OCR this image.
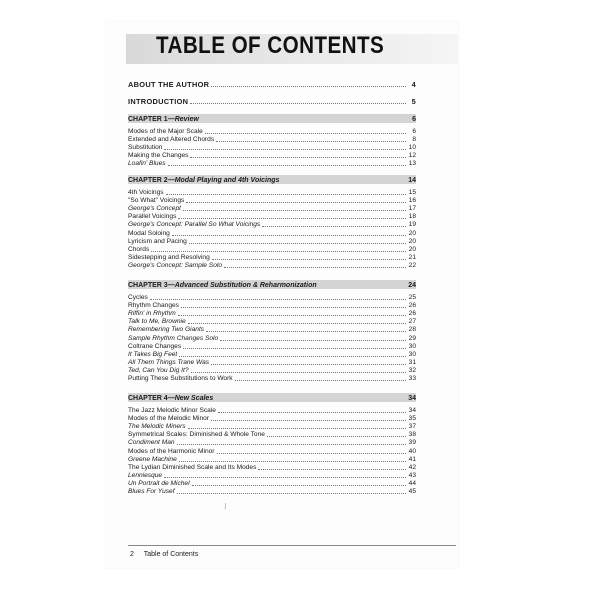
TABLE OF CONTENTS
ABOUT THE AUTHOR	4
INTRODUCTION	5
CHAPTER 1 —Review	6
Modes of the Major Scale	6
Extended and Altered Chords	8
Substitution	10
Making the Changes	12
Loafin' Blues	13
CHAPTER 2 —Modal Playing and 4th Voicings	14
4th Voicings	15
"So What" Voicings	16
George's Concept	17
Parallel Voicings	18
George's Concept: Parallel So What Voicings	19
Modal Soloing	20
Lyricism and Pacing	20
Chords	20
Sidestepping and Resolving	21
George's Concept: Sample Solo	22
CHAPTER 3 —Advanced Substitution & Reharmonization	24
Cycles	25
Rhythm Changes	26
Riffin' in Rhythm	26
Talk to Me, Brownie	27
Remembering Two Giants	28
Sample Rhythm Changes Solo	29
Coltrane Changes	30
It Takes Big Feet	30
All Them Things Trane Was	31
Ted, Can You Dig It?	32
Putting These Substitutions to Work	33
CHAPTER 4 —New Scales	34
The Jazz Melodic Minor Scale	34
Modes of the Melodic Minor	35
The Melodic Miners	37
Symmetrical Scales: Diminished & Whole Tone	38
Condiment Man	39
Modes of the Harmonic Minor	40
Greene Machine	41
The Lydian Diminished Scale and Its Modes	42
Lenniesque	43
Un Portrait de Michel	44
Blues For Yusef	45
\
2 Table of Contents
